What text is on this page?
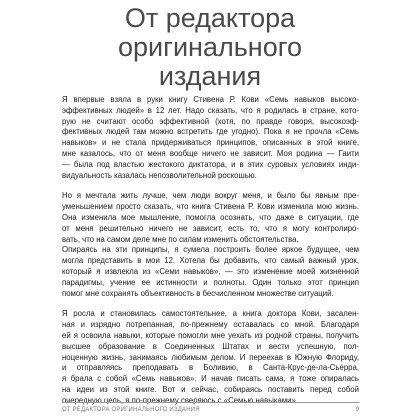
От редактора
оригинального
издания
Я впервые взяла в руки книгу Стивена Р. Кови «Семь навыков высоко-
эффективных людей» в 12 лет. Надо сказать, что я родилась в стране, кото-
рую не считают особо эффективной (хотя, по правде говоря, высокоэф-
фективных людей там можно встретить где угодно). Пока я не прочла «Семь
навыков» и не стала придерживаться принципов, описанных в этой книге,
мне казалось, что от меня вообще ничего не зависит. Моя родина — Гаити
— была под властью жестокого диктатора, и в этих суровых условиях инди-
видуальность казалась непозволительной роскошью.
Но я мечтала жить лучше, чем люди вокруг меня, и было бы явным пре-
уменьшением просто сказать, что книга Стивена Р. Кови изменила мою жизнь.
Она изменила мое мышление, помогла осознать, что даже в ситуации, где
от меня решительно ничего не зависит, есть то, что я могу контролиро-
вать, что на самом деле мне по силам изменить обстоятельства.
Опираясь на эти принципы, я сумела построить более яркое будущее, чем
могла представить в мои 12. Хотела бы добавить, что самый важный урок,
который я извлекла из «Семи навыков», — это изменение моей жизненной
парадигмы, учение ее истинности и полноты. Один только этот принцип
помог мне сохранять объективность в бесчисленном множестве ситуаций.
Я росла и становилась самостоятельнее, а книга доктора Кови, засален-
ная и изрядно потрепанная, по-прежнему оставалась со мной. Благодаря
ей я освоила навыки, которые помогли мне уехать из родной страны, получить
высшее образование в Соединенных Штатах и вести успешную, пол-
ноценную жизнь, занимаясь любимым делом. И переехав в Южную Флориду,
и отправляясь преподавать в Боливию, в Санта-Крус-де-ла-Сьерра,
я брала с собой «Семь навыков». И начав писать сама, я тоже опиралась
на идеи из этой книге. Вот и сейчас, собираясь поставить перед собой
очередную цель, я по-прежнему сверяюсь с «Семью навыками».
ОТ РЕДАКТОРА ОРИГИНАЛЬНОГО ИЗДАНИЯ	9
